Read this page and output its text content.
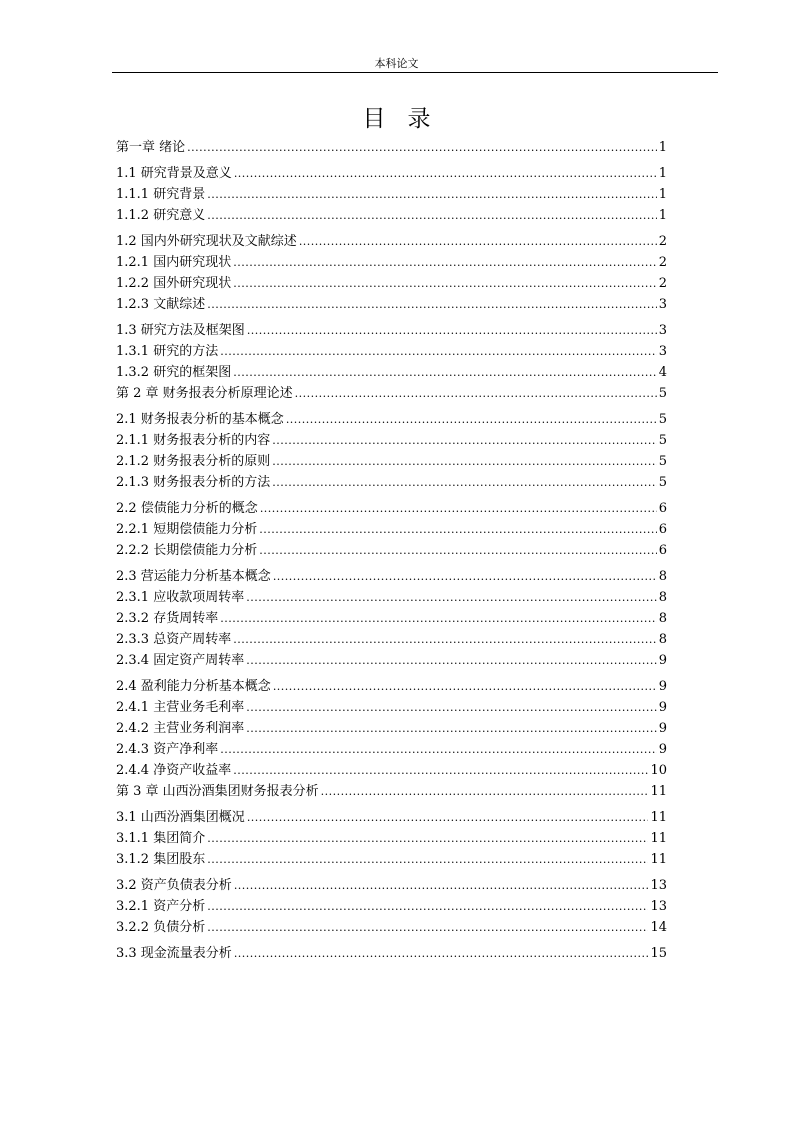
本科论文
目录
第一章 绪论 .....	1
1.1 研究背景及意义 .....	1
1.1.1 研究背景 .....	1
1.1.2 研究意义 .....	1
1.2 国内外研究现状及文献综述 .....	2
1.2.1 国内研究现状 .....	2
1.2.2 国外研究现状 .....	2
1.2.3 文献综述 .....	3
1.3 研究方法及框架图 .....	3
1.3.1 研究的方法 .....	3
1.3.2 研究的框架图 .....	4
第 2 章 财务报表分析原理论述 .....	5
2.1 财务报表分析的基本概念 .....	5
2.1.1 财务报表分析的内容 .....	5
2.1.2 财务报表分析的原则 .....	5
2.1.3 财务报表分析的方法 .....	5
2.2 偿债能力分析的概念 .....	6
2.2.1 短期偿债能力分析 .....	6
2.2.2 长期偿债能力分析 .....	6
2.3 营运能力分析基本概念 .....	8
2.3.1 应收款项周转率 .....	8
2.3.2 存货周转率 .....	8
2.3.3 总资产周转率 .....	8
2.3.4 固定资产周转率 .....	9
2.4 盈利能力分析基本概念 .....	9
2.4.1 主营业务毛利率 .....	9
2.4.2 主营业务利润率 .....	9
2.4.3 资产净利率 .....	9
2.4.4 净资产收益率 .....	10
第 3 章 山西汾酒集团财务报表分析 .....	11
3.1 山西汾酒集团概况 .....	11
3.1.1 集团简介 .....	11
3.1.2 集团股东 .....	11
3.2 资产负债表分析 .....	13
3.2.1 资产分析 .....	13
3.2.2 负债分析 .....	14
3.3 现金流量表分析 .....	15
